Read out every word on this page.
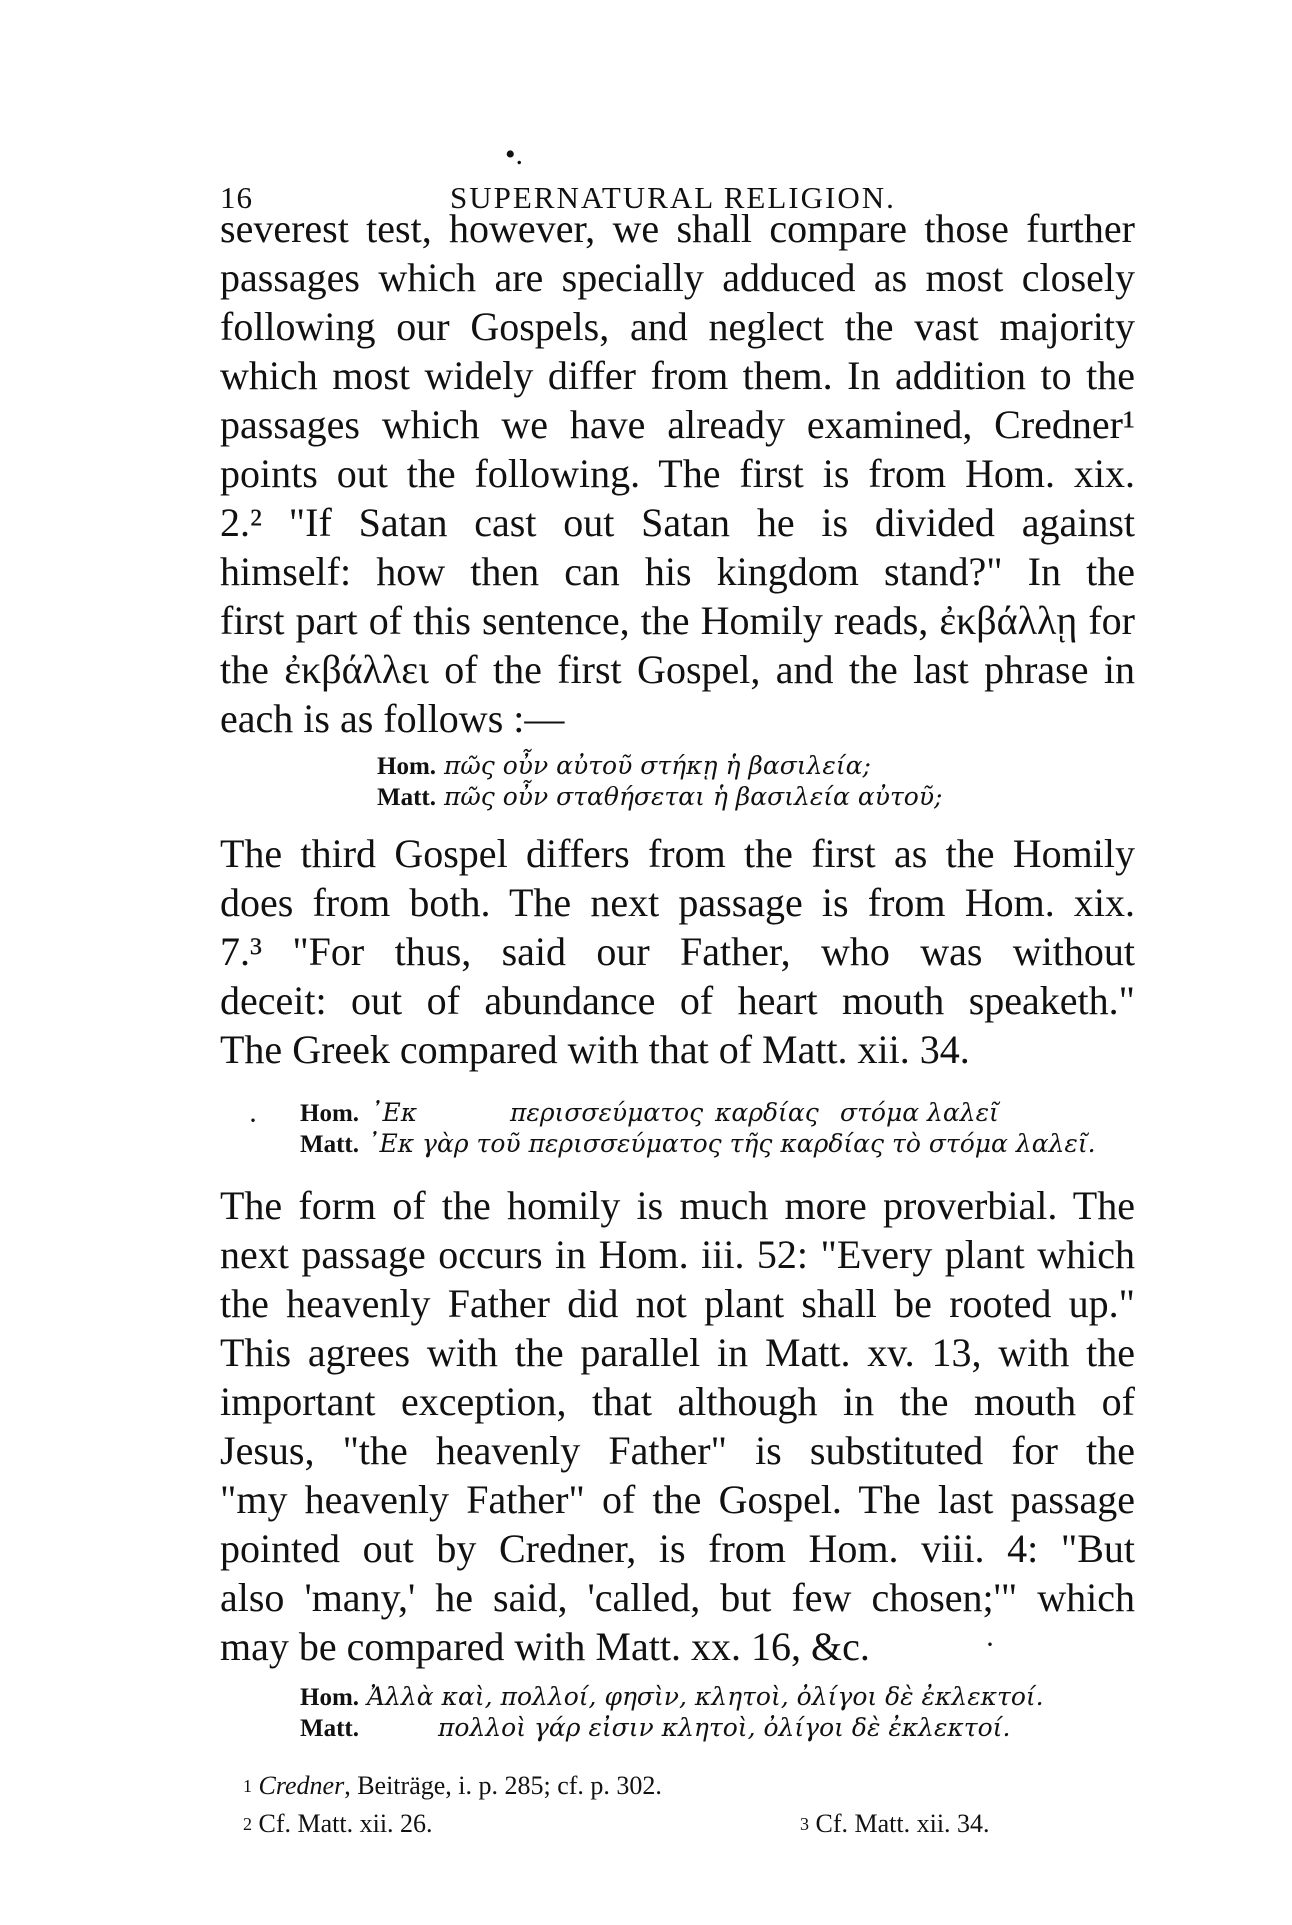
•.
16	SUPERNATURAL RELIGION.
severest test, however, we shall compare those further
passages which are specially adduced as most closely
following our Gospels, and neglect the vast majority
which most widely differ from them. In addition to the
passages which we have already examined, Credner¹
points out the following. The first is from Hom. xix.
2.² "If Satan cast out Satan he is divided against
himself: how then can his kingdom stand?" In the
first part of this sentence, the Homily reads, ἐκβάλλῃ for
the ἐκβάλλει of the first Gospel, and the last phrase in
each is as follows :—
Hom. πῶς οὖν αὐτοῦ στήκῃ ἡ βασιλεία;
Matt. πῶς οὖν σταθήσεται ἡ βασιλεία αὐτοῦ;
The third Gospel differs from the first as the Homily
does from both. The next passage is from Hom. xix.
7.³ "For thus, said our Father, who was without
deceit: out of abundance of heart mouth speaketh."
The Greek compared with that of Matt. xii. 34.
· Hom. ᾿Εκ	περισσεύματος καρδίας στόμα λαλεῖ
Matt. ᾿Εκ γὰρ τοῦ περισσεύματος τῆς καρδίας τὸ στόμα λαλεῖ.
The form of the homily is much more proverbial. The
next passage occurs in Hom. iii. 52: "Every plant which
the heavenly Father did not plant shall be rooted up."
This agrees with the parallel in Matt. xv. 13, with the
important exception, that although in the mouth of
Jesus, "the heavenly Father" is substituted for the
"my heavenly Father" of the Gospel. The last passage
pointed out by Credner, is from Hom. viii. 4: "But
also 'many,' he said, 'called, but few chosen;'" which
may be compared with Matt. xx. 16, &c.	·
Hom. Ἀλλὰ καὶ, πολλοί, φησὶν, κλητοὶ, ὀλίγοι δὲ ἐκλεκτοί.
Matt.	πολλοὶ γάρ εἰσιν κλητοὶ, ὀλίγοι δὲ ἐκλεκτοί.
$^1$ Credner, Beiträge, i. p. 285; cf. p. 302.
$^2$ Cf. Matt. xii. 26.	$^3$ Cf. Matt. xii. 34.
